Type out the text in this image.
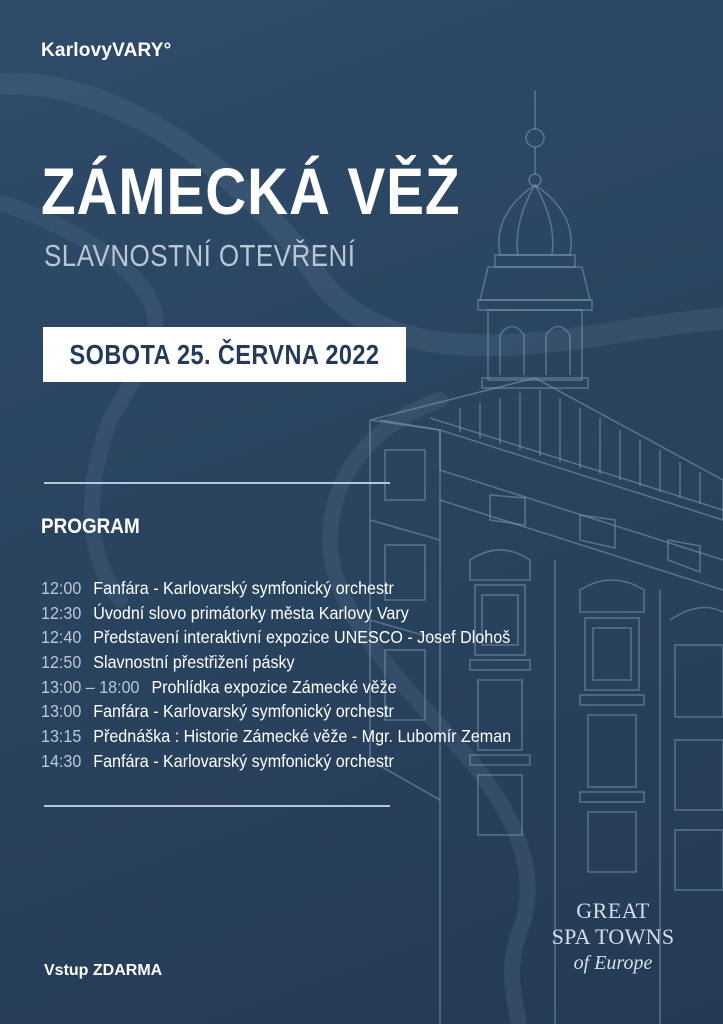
KarlovyVARY°
ZÁMECKÁ VĚŽ
SLAVNOSTNÍ OTEVŘENÍ
SOBOTA 25. ČERVNA 2022
PROGRAM
12:00 Fanfára - Karlovarský symfonický orchestr
12:30 Úvodní slovo primátorky města Karlovy Vary
12:40 Představení interaktivní expozice UNESCO - Josef Dlohoš
12:50 Slavnostní přestřižení pásky
13:00 – 18:00 Prohlídka expozice Zámecké věže
13:00 Fanfára - Karlovarský symfonický orchestr
13:15 Přednáška : Historie Zámecké věže - Mgr. Lubomír Zeman
14:30 Fanfára - Karlovarský symfonický orchestr
Vstup ZDARMA
GREAT
SPA TOWNS
of Europe
